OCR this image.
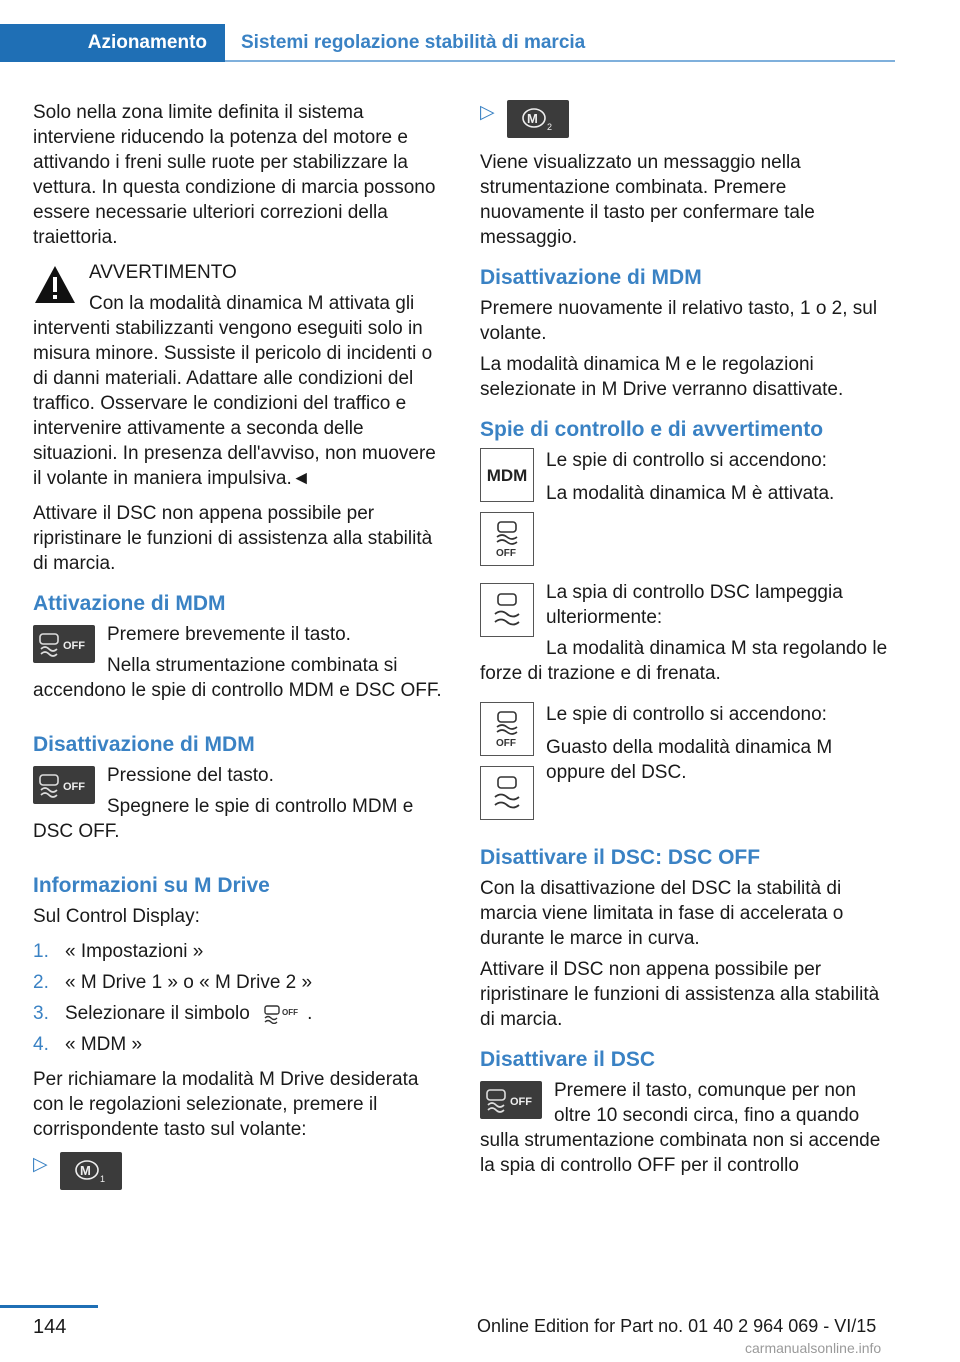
Azionamento	Sistemi regolazione stabilità di marcia

Solo nella zona limite definita il sistema interviene riducendo la potenza del motore e attivando i freni sulle ruote per stabilizzare la vettura. In questa condizione di marcia possono essere necessarie ulteriori correzioni della traiettoria.

AVVERTIMENTO

Con la modalità dinamica M attivata gli interventi stabilizzanti vengono eseguiti solo in misura minore. Sussiste il pericolo di incidenti o di danni materiali. Adattare alle condizioni del traffico. Osservare le condizioni del traffico e intervenire attivamente a seconda delle situazioni. In presenza dell'avviso, non muovere il volante in maniera impulsiva.◄

Attivare il DSC non appena possibile per ripristinare le funzioni di assistenza alla stabilità di marcia.

Attivazione di MDM
OFF

Premere brevemente il tasto.

Nella strumentazione combinata si accendono le spie di controllo MDM e DSC OFF.

Disattivazione di MDM
OFF

Pressione del tasto.

Spegnere le spie di controllo MDM e DSC OFF.

Informazioni su M Drive

Sul Control Display:

1. « Impostazioni »
2. « M Drive 1 » o « M Drive 2 »
3. Selezionare il simbolo	OFF .
4. « MDM »

Per richiamare la modalità M Drive desiderata con le regolazioni selezionate, premere il corrispondente tasto sul volante:

▷ M
1
▷ M
2

Viene visualizzato un messaggio nella strumentazione combinata. Premere nuovamente il tasto per confermare tale messaggio.

Disattivazione di MDM

Premere nuovamente il relativo tasto, 1 o 2, sul volante.

La modalità dinamica M e le regolazioni selezionate in M Drive verranno disattivate.

Spie di controllo e di avvertimento
MDM
OFF

Le spie di controllo si accendono:

La modalità dinamica M è attivata.

La spia di controllo DSC lampeggia ulteriormente:

La modalità dinamica M sta regolando le forze di trazione e di frenata.

OFF

Le spie di controllo si accendono:

Guasto della modalità dinamica M oppure del DSC.

Disattivare il DSC: DSC OFF

Con la disattivazione del DSC la stabilità di marcia viene limitata in fase di accelerata o durante le marce in curva.

Attivare il DSC non appena possibile per ripristinare le funzioni di assistenza alla stabilità di marcia.

Disattivare il DSC
OFF

Premere il tasto, comunque per non oltre 10 secondi circa, fino a quando sulla strumentazione combinata non si accende la spia di controllo OFF per il controllo

144	Online Edition for Part no. 01 40 2 964 069 - VI/15
carmanualsonline.info
